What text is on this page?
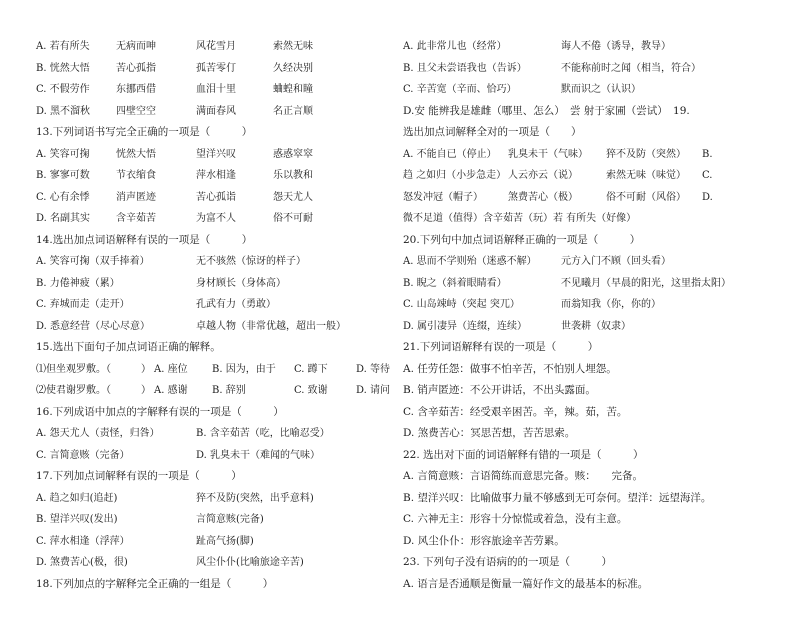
A. 若有所失	无病而呻	风花雪月	索然无味
B. 恍然大悟	苦心孤指	孤苦零仃	久经决别
C. 不假劳作	东挪西借	血泪十里	蛐蝗和瞳
D. 黑不溜秋	四壁空空	满面春风	名正言顺
13.下列词语书写完全正确的一项是（　　　）
A. 笑容可掬	恍然大悟	望洋兴叹	惑惑窣窣
B. 寥寥可数	节衣缩食	萍水相逢	乐以教和
C. 心有余悸	消声匿迹	苦心孤诣	怨天尤人
D. 名副其实	含辛茹苦	为富不人	俗不可耐
14.选出加点词语解释有误的一项是（　　　）
A. 笑容可掬（双手捧着）	无不骇然（惊讶的样子）
B. 力倦神疲（累）	身材顾长（身体高）
C. 弃城而走（走开）	孔武有力（勇敢）
D. 悉意经营（尽心尽意）	卓越人物（非常优越，超出一般）
15.选出下面句子加点词语正确的解释。
⑴但坐观罗敷。（　　　） A. 座位 B. 因为，由于 C. 蹲下	D. 等待
⑵使君谢罗敷。（　　　） A. 感谢 B. 辞别	C. 致谢	D. 请问
16.下列成语中加点的字解释有误的一项是（　　　）
A. 怨天尤人（责怪，归咎）	B. 含辛茹苦（吃，比喻忍受）
C. 言简意赅（完备）	D. 乳臭未干（难闻的气味）
17.下列加点词解释有误的一项是（　　　）
A. 趋之如归(追赶)	猝不及防(突然，出乎意料)
B. 望洋兴叹(发出)	言简意赅(完备)
C. 萍水相逢（浮萍）	趾高气扬(脚)
D. 煞费苦心(极，很)	风尘仆仆(比喻旅途辛苦)
18.下列加点的字解释完全正确的一组是（　　　）
A. 此非常儿也（经常）	诲人不倦（诱导，教导）
B. 且父未尝语我也（告诉）	不能称前时之闻（相当，符合）
C. 辛苦宽（辛而、恰巧）	默而识之（认识）
D.安 能辨我是雄雌（哪里、怎么）　尝 射于家圃（尝试）　19.
选出加点词解释全对的一项是（　　）
A. 不能自已（停止） 乳臭未干（气味） 猝不及防（突然） B.
趋 之如归（小步急走） 人云亦云（说）	索然无味（味觉） C.
怒发冲冠（帽子）	煞费苦心（极）	俗不可耐（风俗） D.
微不足道（值得）含辛茹苦（玩）若 有所失（好像）
20.下列句中加点词语解释正确的一项是（　　　）
A. 思而不学则殆（迷惑不解） 元方入门不顾（回头看）
B. 睨之（斜着眼睛看）	不见曦月（早晨的阳光，这里指太阳）
C. 山岛竦峙（突起 突兀）	而翁知我（你，你的）
D. 属引凄异（连缀，连续）	世袭耕（奴隶）
21.下列词语解释有误的一项是（　　　）
A. 任劳任怨：做事不怕辛苦，不怕别人埋怨。
B. 销声匿迹：不公开讲话，不出头露面。
C. 含辛茹苦：经受艰辛困苦。辛，辣。茹，苦。
D. 煞费苦心：冥思苦想，苦苦思索。
22. 选出对下面的词语解释有错的一项是（　　　）
A. 言简意赅：言语简练而意思完备。赅：　　完备。
B. 望洋兴叹：比喻做事力量不够感到无可奈何。望洋：远望海洋。
C. 六神无主：形容十分惊慌或着急，没有主意。
D. 风尘仆仆：形容旅途辛苦劳累。
23. 下列句子没有语病的的一项是（　　　）
A. 语言是否通顺是衡量一篇好作文的最基本的标准。
